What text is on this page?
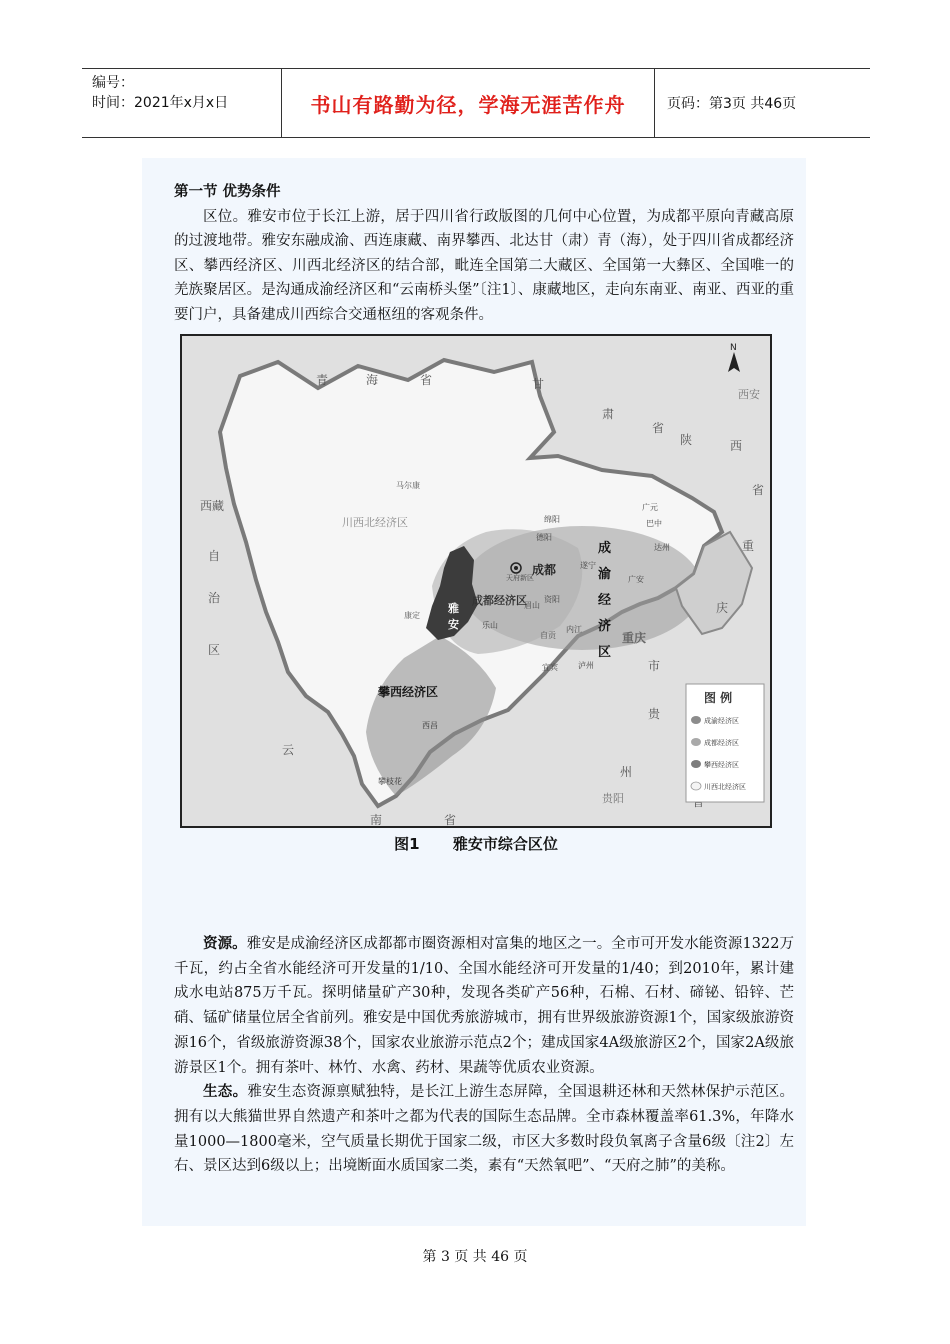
编号：
时间：2021年x月x日	书山有路勤为径，学海无涯苦作舟	页码：第3页 共46页

第一节 优势条件

区位。雅安市位于长江上游，居于四川省行政版图的几何中心位置，为成都平原向青藏高原的过渡地带。雅安东融成渝、西连康藏、南界攀西、北达甘（肃）青（海），处于四川省成都经济区、攀西经济区、川西北经济区的结合部，毗连全国第二大藏区、全国第一大彝区、全国唯一的羌族聚居区。是沟通成渝经济区和“云南桥头堡”〔注1〕、康藏地区，走向东南亚、南亚、西亚的重要门户，具备建成川西综合交通枢纽的客观条件。

青	海	省	甘
肃
省
陕	西
省
西藏
自
治
区
重
庆
市
贵
州
云
南	省
贵阳
西安
川西北经济区
成都经济区
成
渝
经
济
区
攀西经济区
雅
安
马尔康
德阳
广元
巴中
达州
绵阳
遂宁
广安
天府新区
成都
资阳
眉山
内江
乐山
自贡
宜宾	泸州
康定
西昌
攀枝花
重庆
N
图 例
成渝经济区
成都经济区
攀西经济区
川西北经济区
图1 雅安市综合区位

资源。雅安是成渝经济区成都都市圈资源相对富集的地区之一。全市可开发水能资源1322万千瓦，约占全省水能经济可开发量的1/10、全国水能经济可开发量的1/40；到2010年，累计建成水电站875万千瓦。探明储量矿产30种，发现各类矿产56种，石棉、石材、碲铋、铅锌、芒硝、锰矿储量位居全省前列。雅安是中国优秀旅游城市，拥有世界级旅游资源1个，国家级旅游资源16个，省级旅游资源38个，国家农业旅游示范点2个；建成国家4A级旅游区2个，国家2A级旅游景区1个。拥有茶叶、林竹、水禽、药材、果蔬等优质农业资源。

生态。雅安生态资源禀赋独特，是长江上游生态屏障，全国退耕还林和天然林保护示范区。拥有以大熊猫世界自然遗产和茶叶之都为代表的国际生态品牌。全市森林覆盖率61.3%，年降水量1000—1800毫米，空气质量长期优于国家二级，市区大多数时段负氧离子含量6级〔注2〕左右、景区达到6级以上；出境断面水质国家二类，素有“天然氧吧”、“天府之肺”的美称。

第 3 页 共 46 页
